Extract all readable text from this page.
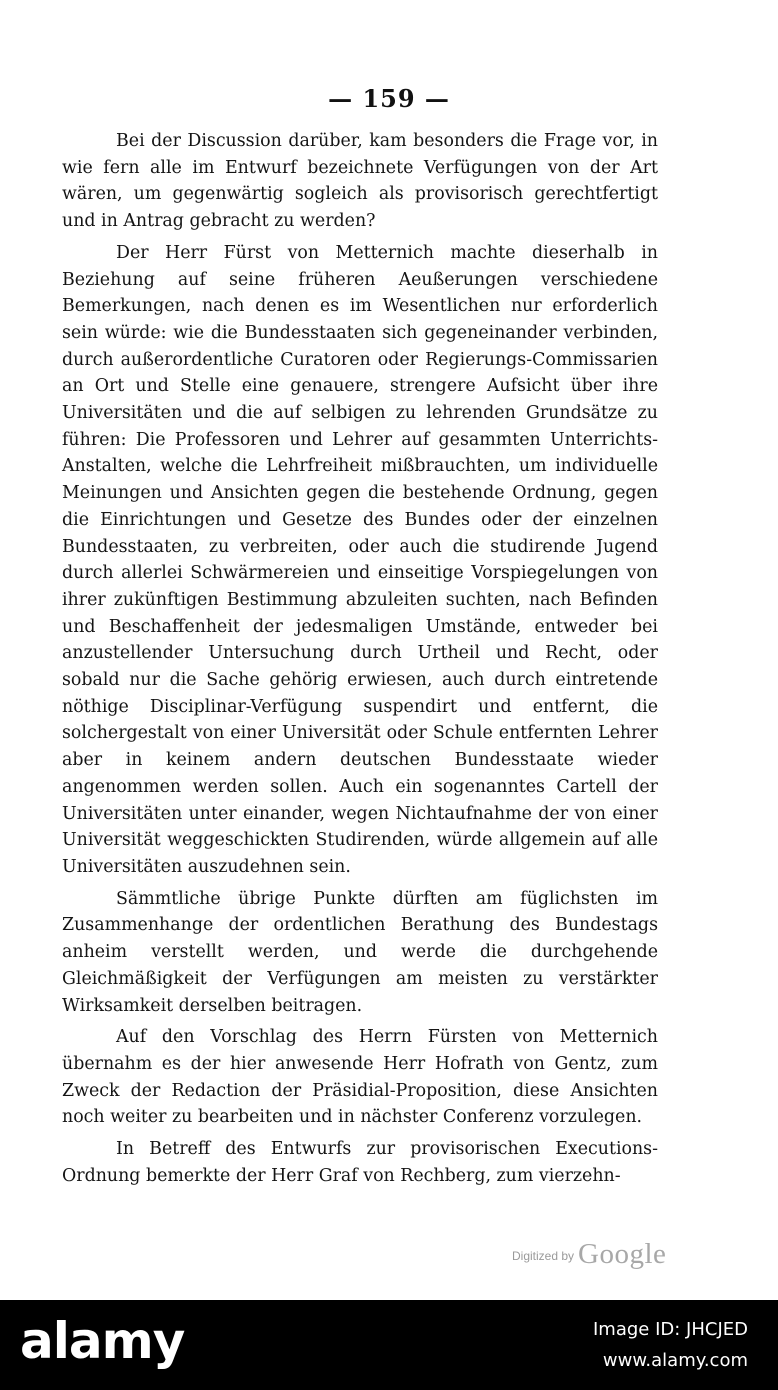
— 159 —

Bei der Discussion darüber, kam besonders die Frage vor, in wie fern alle im Entwurf bezeichnete Verfügungen von der Art wären, um gegenwärtig sogleich als provisorisch gerechtfertigt und in Antrag gebracht zu werden?

Der Herr Fürst von Metternich machte dieserhalb in Beziehung auf seine früheren Aeußerungen verschiedene Bemerkungen, nach denen es im Wesentlichen nur erforderlich sein würde: wie die Bundesstaaten sich gegeneinander verbinden, durch außerordentliche Curatoren oder Regierungs-Commissarien an Ort und Stelle eine genauere, strengere Aufsicht über ihre Universitäten und die auf selbigen zu lehrenden Grundsätze zu führen: Die Professoren und Lehrer auf gesammten Unterrichts-Anstalten, welche die Lehrfreiheit mißbrauchten, um individuelle Meinungen und Ansichten gegen die bestehende Ordnung, gegen die Einrichtungen und Gesetze des Bundes oder der einzelnen Bundesstaaten, zu verbreiten, oder auch die studirende Jugend durch allerlei Schwärmereien und einseitige Vorspiegelungen von ihrer zukünftigen Bestimmung abzuleiten suchten, nach Befinden und Beschaffenheit der jedesmaligen Umstände, entweder bei anzustellender Untersuchung durch Urtheil und Recht, oder sobald nur die Sache gehörig erwiesen, auch durch eintretende nöthige Disciplinar-Verfügung suspendirt und entfernt, die solchergestalt von einer Universität oder Schule entfernten Lehrer aber in keinem andern deutschen Bundesstaate wieder angenommen werden sollen. Auch ein sogenanntes Cartell der Universitäten unter einander, wegen Nichtaufnahme der von einer Universität weggeschickten Studirenden, würde allgemein auf alle Universitäten auszudehnen sein.

Sämmtliche übrige Punkte dürften am füglichsten im Zusammenhange der ordentlichen Berathung des Bundestags anheim verstellt werden, und werde die durchgehende Gleichmäßigkeit der Verfügungen am meisten zu verstärkter Wirksamkeit derselben beitragen.

Auf den Vorschlag des Herrn Fürsten von Metternich übernahm es der hier anwesende Herr Hofrath von Gentz, zum Zweck der Redaction der Präsidial-Proposition, diese Ansichten noch weiter zu bearbeiten und in nächster Conferenz vorzulegen.

In Betreff des Entwurfs zur provisorischen Executions-Ordnung bemerkte der Herr Graf von Rechberg, zum vierzehn-

Digitized by Google
alamy	Image ID: JHCJED
www.alamy.com
